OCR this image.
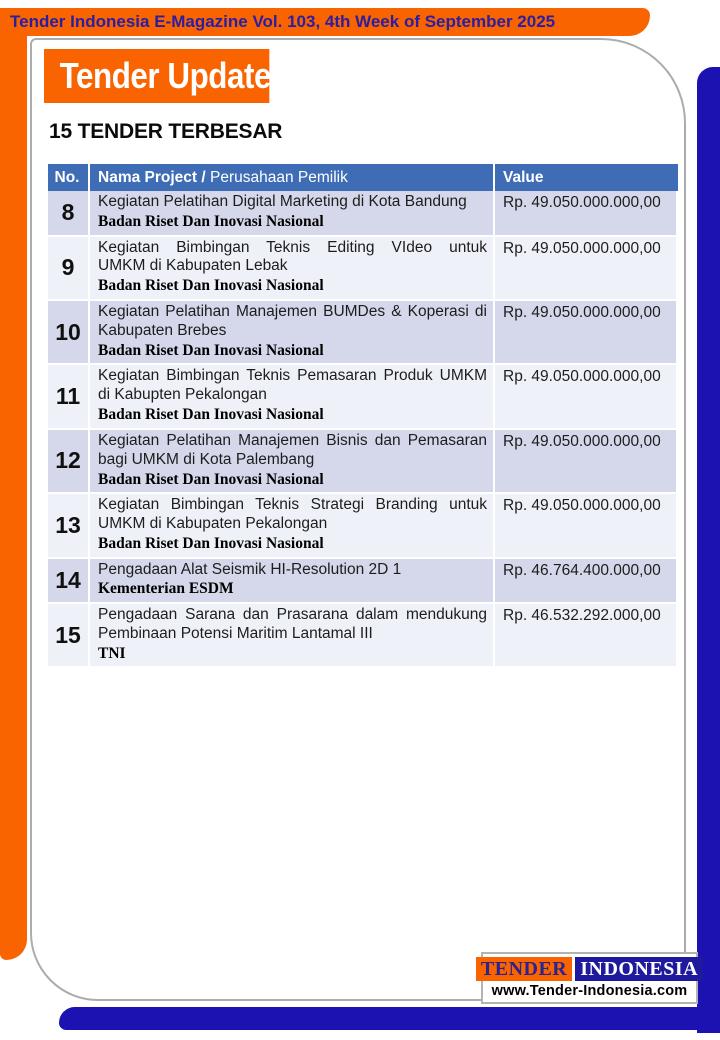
Tender Indonesia E-Magazine Vol. 103, 4th Week of September 2025
Tender Updates
15 TENDER TERBESAR
No.	Nama Project / Perusahaan Pemilik	Value
8	Kegiatan Pelatihan Digital Marketing di Kota Bandung
Badan Riset Dan Inovasi Nasional	Rp. 49.050.000.000,00
9	Kegiatan Bimbingan Teknis Editing VIdeo untuk
UMKM di Kabupaten Lebak
Badan Riset Dan Inovasi Nasional	Rp. 49.050.000.000,00
10	Kegiatan Pelatihan Manajemen BUMDes & Koperasi di
Kabupaten Brebes
Badan Riset Dan Inovasi Nasional	Rp. 49.050.000.000,00
11	Kegiatan Bimbingan Teknis Pemasaran Produk UMKM
di Kabupten Pekalongan
Badan Riset Dan Inovasi Nasional	Rp. 49.050.000.000,00
12	Kegiatan Pelatihan Manajemen Bisnis dan Pemasaran
bagi UMKM di Kota Palembang
Badan Riset Dan Inovasi Nasional	Rp. 49.050.000.000,00
13	Kegiatan Bimbingan Teknis Strategi Branding untuk
UMKM di Kabupaten Pekalongan
Badan Riset Dan Inovasi Nasional	Rp. 49.050.000.000,00
14	Pengadaan Alat Seismik HI-Resolution 2D 1
Kementerian ESDM	Rp. 46.764.400.000,00
15	Pengadaan Sarana dan Prasarana dalam mendukung
Pembinaan Potensi Maritim Lantamal III
TNI	Rp. 46.532.292.000,00
TENDER INDONESIA
www.Tender-Indonesia.com
